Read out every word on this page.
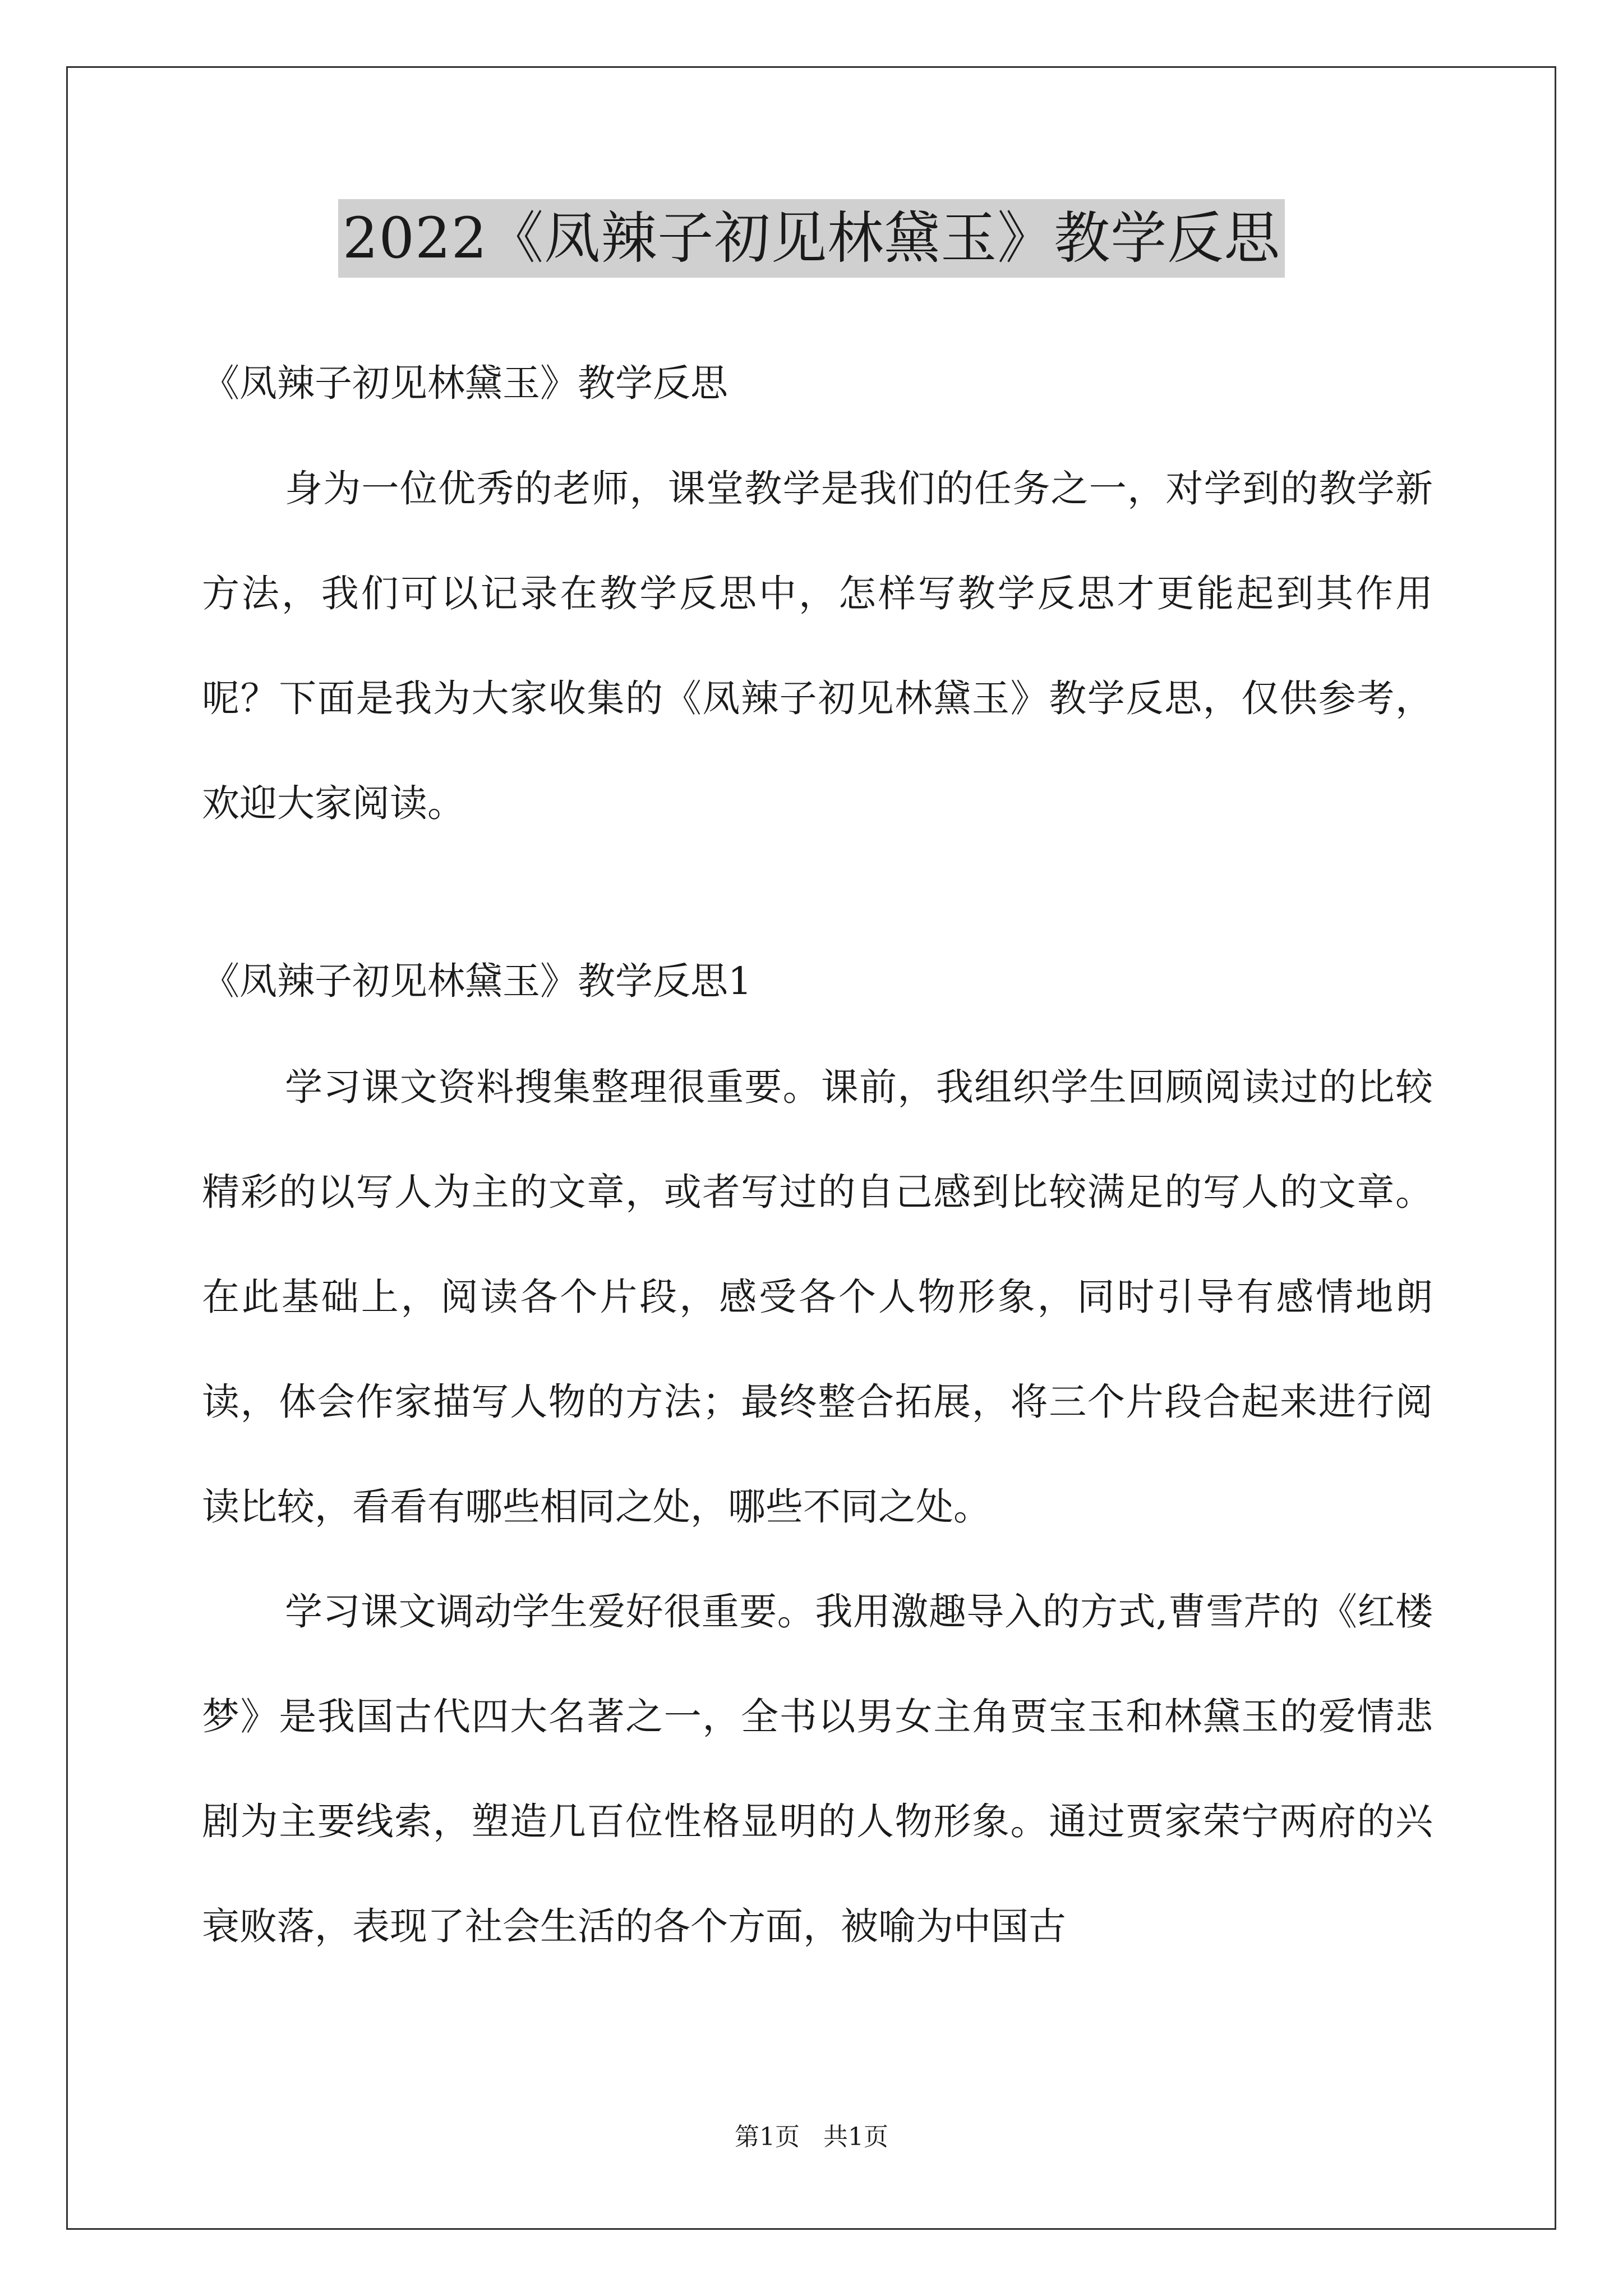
2022《凤辣子初见林黛玉》教学反思

《凤辣子初见林黛玉》教学反思

身为一位优秀的老师，课堂教学是我们的任务之一，对学到的教学新方法，我们可以记录在教学反思中，怎样写教学反思才更能起到其作用呢？下面是我为大家收集的《凤辣子初见林黛玉》教学反思，仅供参考，欢迎大家阅读。

《凤辣子初见林黛玉》教学反思1

学习课文资料搜集整理很重要。课前，我组织学生回顾阅读过的比较精彩的以写人为主的文章，或者写过的自己感到比较满足的写人的文章。在此基础上，阅读各个片段，感受各个人物形象，同时引导有感情地朗读，体会作家描写人物的方法；最终整合拓展，将三个片段合起来进行阅读比较，看看有哪些相同之处，哪些不同之处。

学习课文调动学生爱好很重要。我用激趣导入的方式,曹雪芹的《红楼梦》是我国古代四大名著之一，全书以男女主角贾宝玉和林黛玉的爱情悲剧为主要线索，塑造几百位性格显明的人物形象。通过贾家荣宁两府的兴衰败落，表现了社会生活的各个方面，被喻为中国古

第1页 共1页
